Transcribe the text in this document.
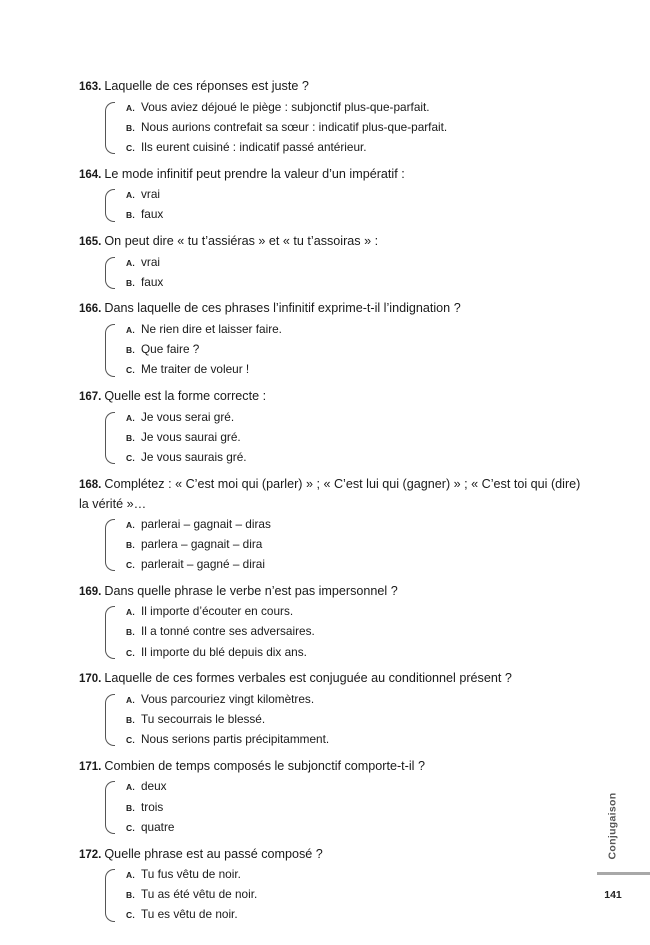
163. Laquelle de ces réponses est juste ?
A. Vous aviez déjoué le piège : subjonctif plus-que-parfait.
B. Nous aurions contrefait sa sœur : indicatif plus-que-parfait.
C. Ils eurent cuisiné : indicatif passé antérieur.
164. Le mode infinitif peut prendre la valeur d’un impératif :
A. vrai
B. faux
165. On peut dire « tu t’assiéras » et « tu t’assoiras » :
A. vrai
B. faux
166. Dans laquelle de ces phrases l’infinitif exprime-t-il l’indignation ?
A. Ne rien dire et laisser faire.
B. Que faire ?
C. Me traiter de voleur !
167. Quelle est la forme correcte :
A. Je vous serai gré.
B. Je vous saurai gré.
C. Je vous saurais gré.
168. Complétez : « C’est moi qui (parler) » ; « C’est lui qui (gagner) » ; « C’est toi qui (dire) la vérité »…
A. parlerai – gagnait – diras
B. parlera – gagnait – dira
C. parlerait – gagné – dirai
169. Dans quelle phrase le verbe n’est pas impersonnel ?
A. Il importe d’écouter en cours.
B. Il a tonné contre ses adversaires.
C. Il importe du blé depuis dix ans.
170. Laquelle de ces formes verbales est conjuguée au conditionnel présent ?
A. Vous parcouriez vingt kilomètres.
B. Tu secourrais le blessé.
C. Nous serions partis précipitamment.
171. Combien de temps composés le subjonctif comporte-t-il ?
A. deux
B. trois
C. quatre
172. Quelle phrase est au passé composé ?
A. Tu fus vêtu de noir.
B. Tu as été vêtu de noir.
C. Tu es vêtu de noir.
Conjugaison
141
